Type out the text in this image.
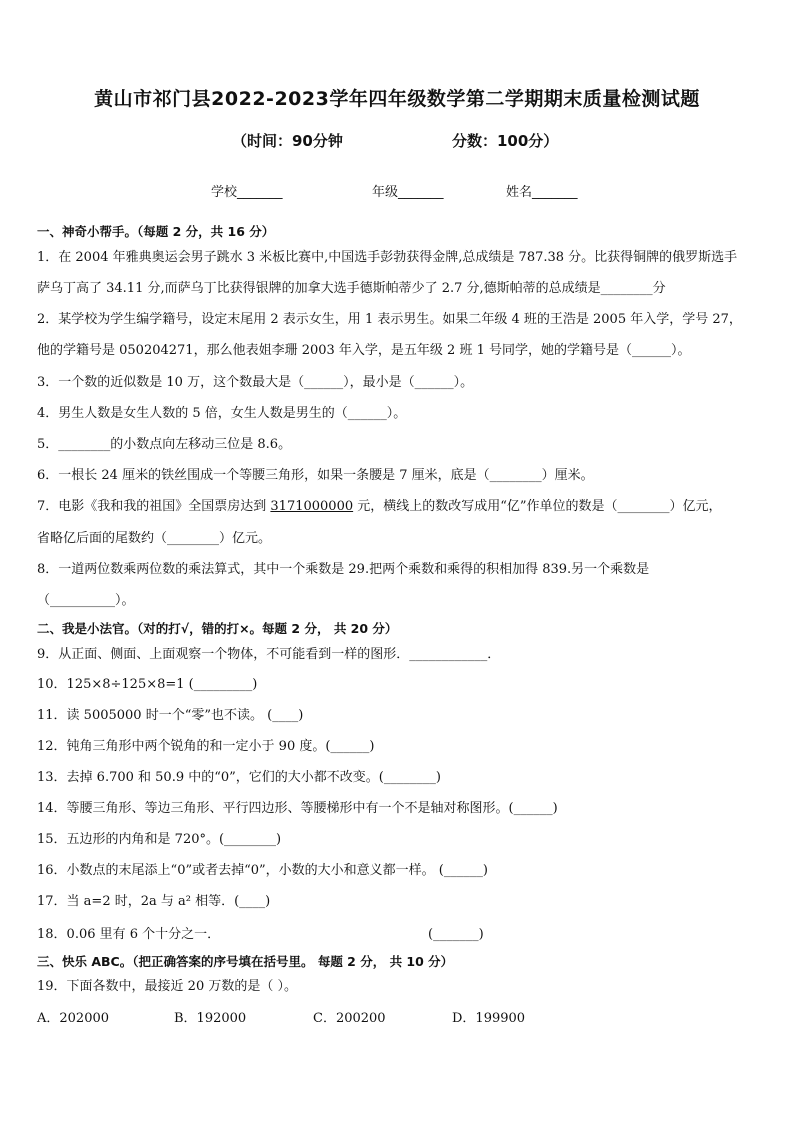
黄山市祁门县2022-2023学年四年级数学第二学期期末质量检测试题
（时间：90分钟	分数：100分）
学校_______	年级_______	姓名_______
一、神奇小帮手。（每题 2 分，共 16 分）
1．在 2004 年雅典奥运会男子跳水 3 米板比赛中,中国选手彭勃获得金牌,总成绩是 787.38 分。比获得铜牌的俄罗斯选手
萨乌丁高了 34.11 分,而萨乌丁比获得银牌的加拿大选手德斯帕蒂少了 2.7 分,德斯帕蒂的总成绩是________分
2．某学校为学生编学籍号，设定末尾用 2 表示女生，用 1 表示男生。如果二年级 4 班的王浩是 2005 年入学，学号 27，
他的学籍号是 050204271，那么他表姐李珊 2003 年入学，是五年级 2 班 1 号同学，她的学籍号是（______）。
3．一个数的近似数是 10 万，这个数最大是（______），最小是（______）。
4．男生人数是女生人数的 5 倍，女生人数是男生的（______）。
5．________的小数点向左移动三位是 8.6。
6．一根长 24 厘米的铁丝围成一个等腰三角形，如果一条腰是 7 厘米，底是（________）厘米。
7．电影《我和我的祖国》全国票房达到 3171000000 元，横线上的数改写成用“亿”作单位的数是（________）亿元，
省略亿后面的尾数约（________）亿元。
8．一道两位数乘两位数的乘法算式，其中一个乘数是 29.把两个乘数和乘得的积相加得 839.另一个乘数是
（__________）。
二、我是小法官。（对的打√，错的打×。每题 2 分， 共 20 分）
9．从正面、侧面、上面观察一个物体，不可能看到一样的图形．____________．
10．125×8÷125×8=1 (_________)
11．读 5005000 时一个“零”也不读。 (____)
12．钝角三角形中两个锐角的和一定小于 90 度。(______)
13．去掉 6.700 和 50.9 中的“0”，它们的大小都不改变。(________)
14．等腰三角形、等边三角形、平行四边形、等腰梯形中有一个不是轴对称图形。(______)
15．五边形的内角和是 720°。(________)
16．小数点的末尾添上“0”或者去掉“0”，小数的大小和意义都一样。 (______)
17．当 a=2 时，2a 与 a² 相等．(____)
18．0.06 里有 6 个十分之一．	(_______)
三、快乐 ABC。（把正确答案的序号填在括号里。 每题 2 分， 共 10 分）
19．下面各数中，最接近 20 万数的是（ ）。
A．202000	B．192000	C．200200	D．199900
